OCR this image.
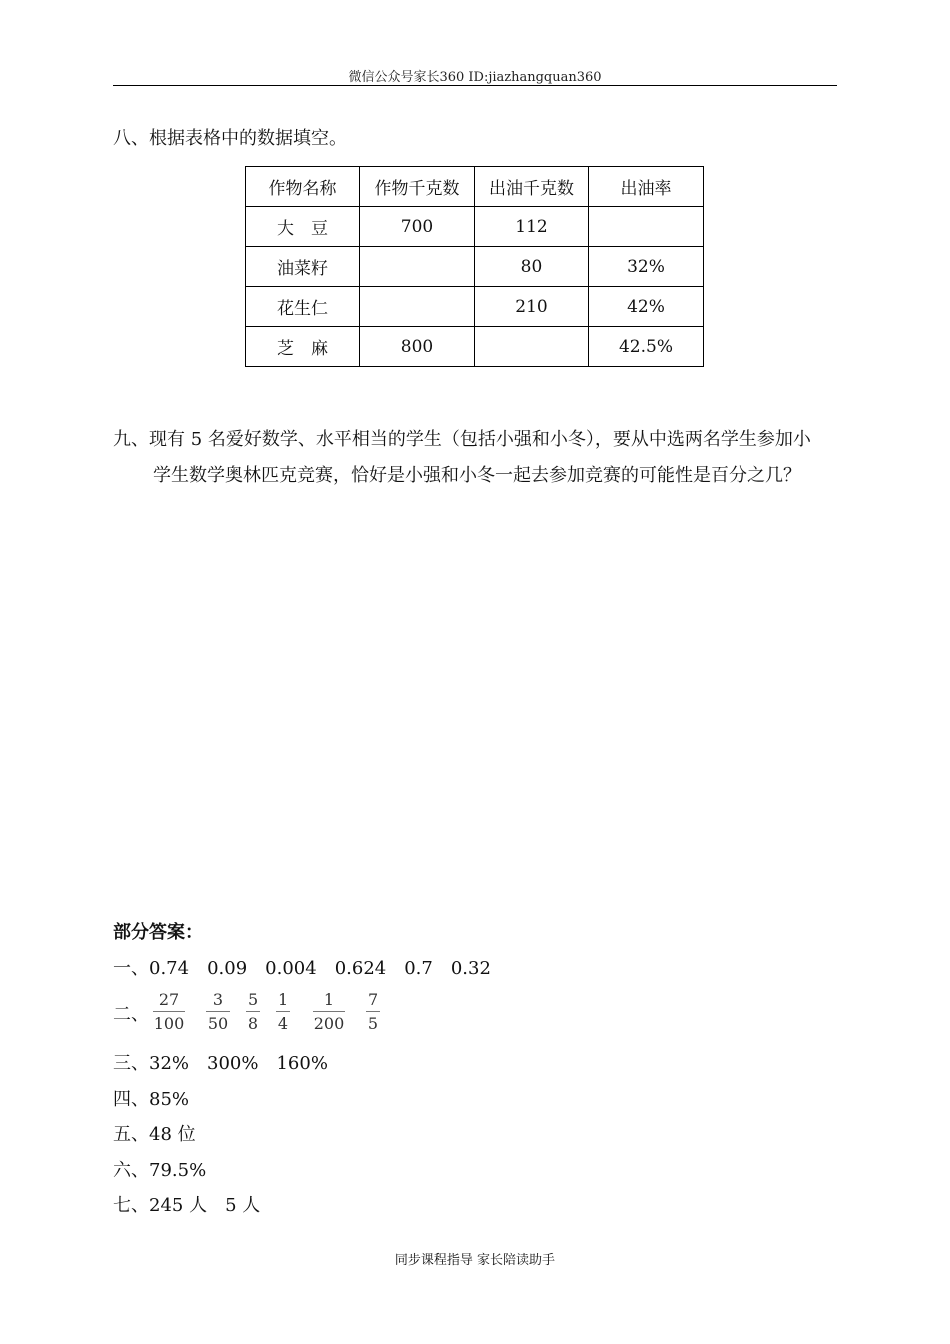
微信公众号家长360 ID:jiazhangquan360
八、根据表格中的数据填空。
作物名称	作物千克数	出油千克数	出油率
大　豆	700	112	
油菜籽		80	32%
花生仁		210	42%
芝　麻	800		42.5%
九、现有 5 名爱好数学、水平相当的学生（包括小强和小冬），要从中选两名学生参加小
学生数学奥林匹克竞赛，恰好是小强和小冬一起去参加竞赛的可能性是百分之几？
部分答案：
一、0.74 0.09 0.004 0.624 0.7 0.32
二、 $\frac{27}{100} \frac{3}{50} \frac{5}{8} \frac{1}{4} \frac{1}{200} \frac{7}{5}$
三、32% 300% 160%
四、85%
五、48 位
六、79.5%
七、245 人 5 人
同步课程指导 家长陪读助手
